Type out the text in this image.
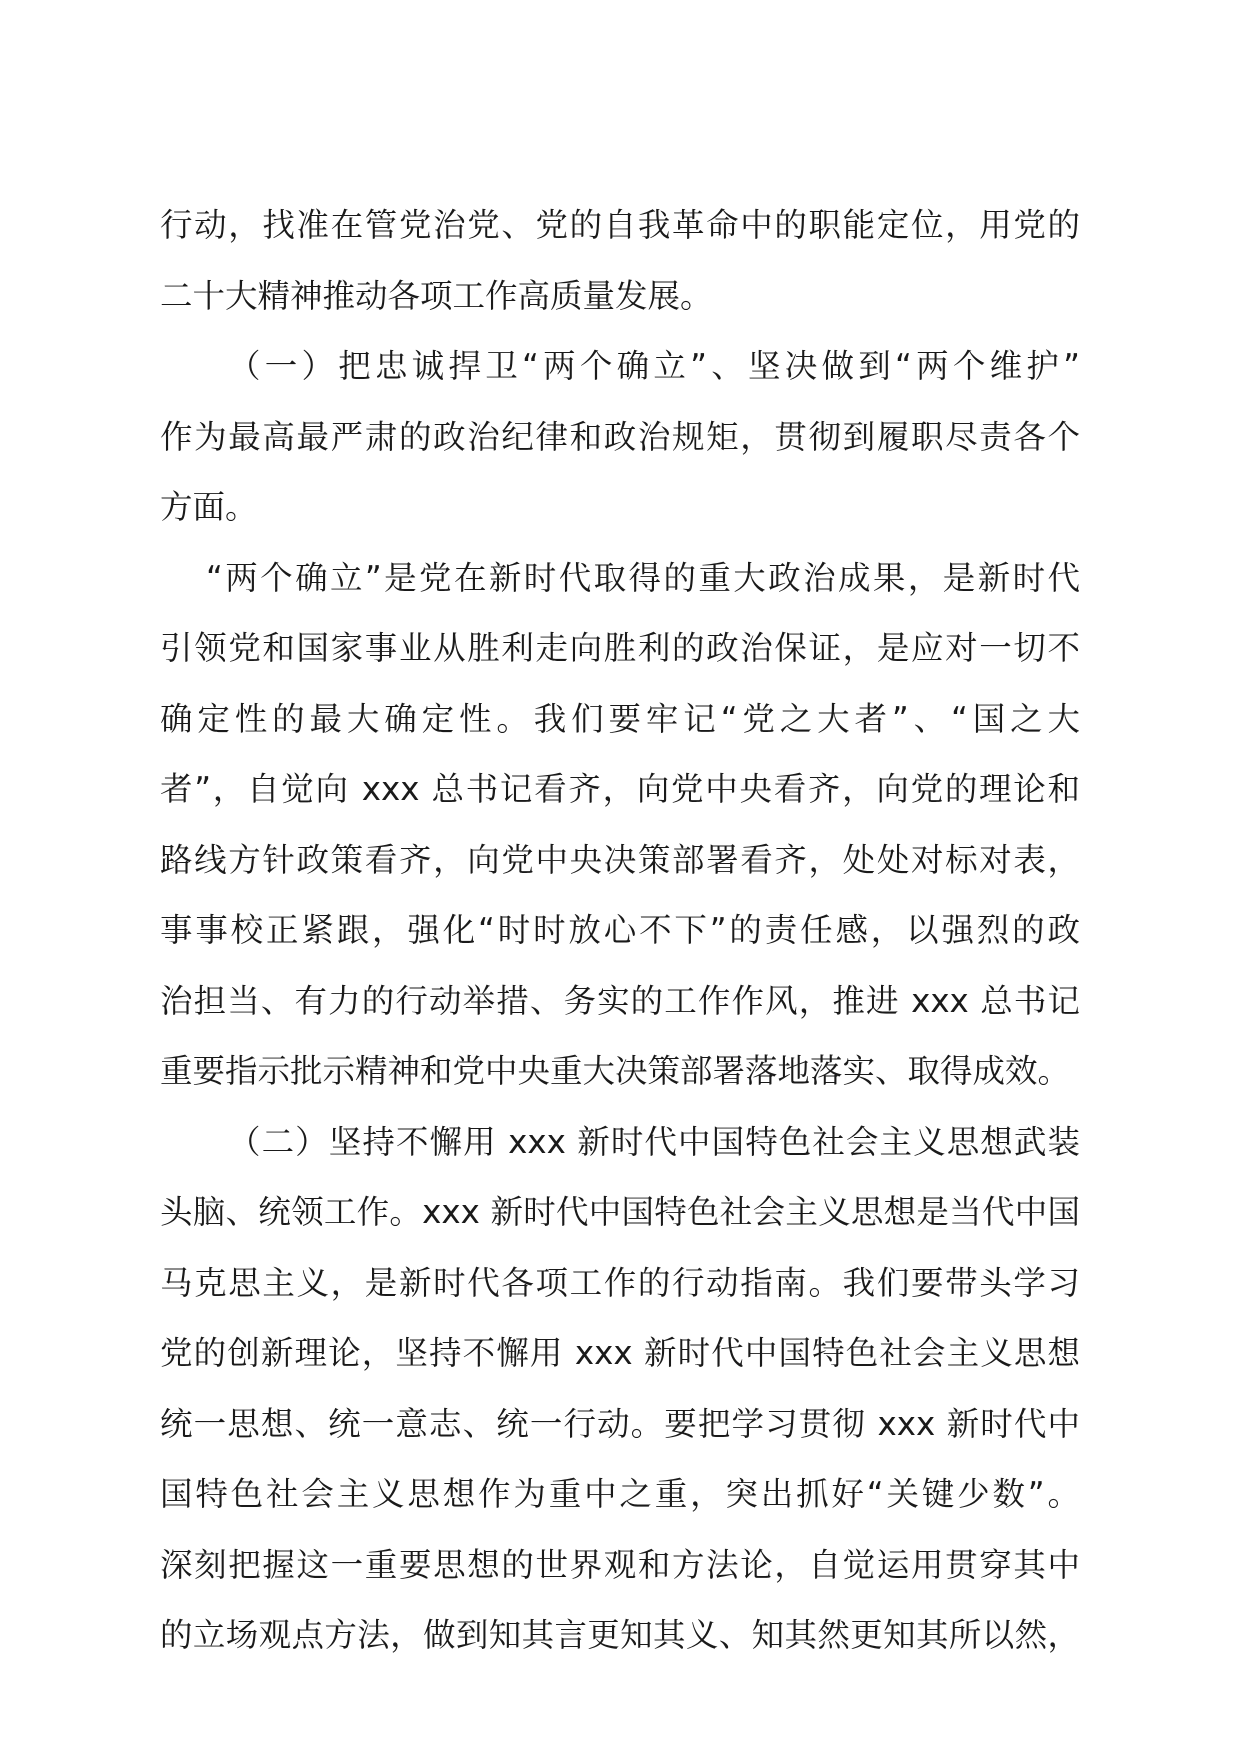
行动，找准在管党治党、党的自我革命中的职能定位，用党的
二十大精神推动各项工作高质量发展。
（一）把忠诚捍卫“两个确立”、坚决做到“两个维护”
作为最高最严肃的政治纪律和政治规矩，贯彻到履职尽责各个
方面。
“两个确立”是党在新时代取得的重大政治成果，是新时代
引领党和国家事业从胜利走向胜利的政治保证，是应对一切不
确定性的最大确定性。我们要牢记“党之大者”、“国之大
者”，自觉向 xxx 总书记看齐，向党中央看齐，向党的理论和
路线方针政策看齐，向党中央决策部署看齐，处处对标对表，
事事校正紧跟，强化“时时放心不下”的责任感，以强烈的政
治担当、有力的行动举措、务实的工作作风，推进 xxx 总书记
重要指示批示精神和党中央重大决策部署落地落实、取得成效。
（二）坚持不懈用 xxx 新时代中国特色社会主义思想武装
头脑、统领工作。xxx 新时代中国特色社会主义思想是当代中国
马克思主义，是新时代各项工作的行动指南。我们要带头学习
党的创新理论，坚持不懈用 xxx 新时代中国特色社会主义思想
统一思想、统一意志、统一行动。要把学习贯彻 xxx 新时代中
国特色社会主义思想作为重中之重，突出抓好“关键少数”。
深刻把握这一重要思想的世界观和方法论，自觉运用贯穿其中
的立场观点方法，做到知其言更知其义、知其然更知其所以然，
